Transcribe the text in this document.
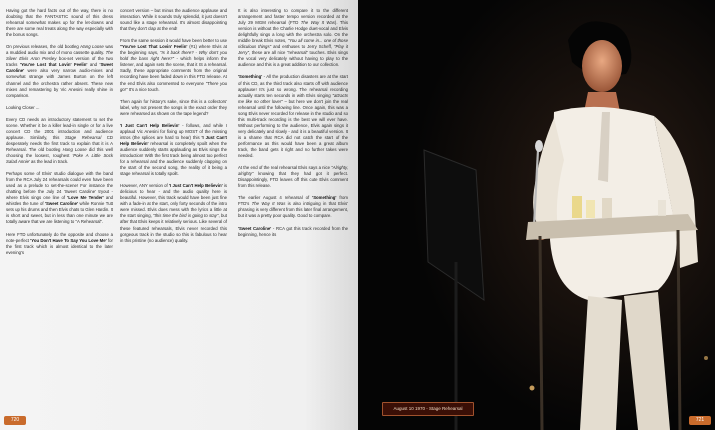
Having got the hard facts out of the way, there is no doubting that the FANTASTIC sound of this dress rehearsal somewhat makes up for the let-downs and there are some real treats along the way especially with the bonus songs.

On previous releases, the old bootleg Hang Loose was a muddied audio mix and of mono cassette quality. The Silver Elvis Aron Presley box-set version of the two tracks 'You've Lost that Lovin' Feelin' and 'Sweet Caroline' were also very narrow audio-mixes and somewhat strange with James Burton on the left channel and the orchestra rather absent. These new mixes and remastering by Vic Anesini really shine in comparison.

Looking Closer ...

Every CD needs an introductory statement to set the scene. Whether it be a killer lead-in single or for a live concert CD the 2001 introduction and audience applause. Similarly, this Stage Rehearsal CD desperately needs the first track to explain that it is A Rehearsal. The old bootleg Hang Loose did this well choosing the loosest, roughest 'Poke A Little Sock Salad Annie' as the lead in track.

Perhaps some of Elvis' studio dialogue with the band from the RCA July 24 rehearsals could even have been used as a prelude to set-the-scene! For instance the chatting before the July 24 'Sweet Caroline' tryout - where Elvis sings one line of 'Love Me Tender' and whistles the tune of 'Sweet Caroline' while Ronnie Tutt sets up his drums and then Elvis chats to Glen Hardin. It is short and sweet, but in less than one minute we are totally aware that we are listening to "A Rehearsal".

Here FTD unfortunately do the opposite and choose a note-perfect 'You Don't Have To Say You Love Me' for the first track which is almost identical to the later evening's

concert version – but minus the audience applause and interaction. While it sounds truly splendid, it just doesn't sound like a stage rehearsal. It's almost disappointing that they don't clap at the end!

From the same session it would have been better to use "You've Lost That Lovin' Feelin' (#1) where Elvis at the beginning says, "Is it back there? - Why don't you hold the bass right here?" - which helps inform the listener, and again sets the scene, that it IS a rehearsal. Sadly, these appropriate comments from the original recording have been faded down in this FTD release. At the end Elvis also commented to everyone "There you go!" It's a nice touch.

Then again for history's sake, since this is a collectors' label, why not present the songs in the exact order they were rehearsed as shown on the tape legend?

'I Just Can't Help Believin' - follows, and while I applaud Vic Anesini for fixing up MOST of the missing intros (the splices are hard to hear) this 'I Just Can't Help Believin' rehearsal is completely spoilt when the audience suddenly starts applauding as Elvis sings the introduction! With the first track being almost too perfect for a rehearsal and the audience suddenly clapping on the start of the second song, the reality of it being a stage rehearsal is totally spoilt.

However, ANY version of 'I Just Can't Help Believin' is delicious to hear - and the audio quality here is beautiful. However, this track would have been just fine with a fade-in at the start, only forty seconds of the intro were missed. Elvis does mess with the lyrics a little at the start singing, "this time the bird is going to stay", but after that Elvis keeps it relatively serious. Like several of these featured rehearsals, Elvis never recorded this gorgeous track in the studio so this is fabulous to hear in this pristine (no audience) quality.

It is also interesting to compare it to the different arrangement and faster tempo version recorded at the July 29 MGM rehearsal (FTD The Way It Was). This version is without the Charlie Hodge duet-vocal and Elvis delightfully sings a long with the orchestra solo. On the middle break Elvis notes, "You all come in... one of those ridiculous things" and enthuses to Jerry Scheff, "Play it Jerry", these are all nice "rehearsal" touches. Elvis sings the vocal very delicately without having to play to the audience and this is a great addition to our collection.

'Something' - All the production disasters are at the start of this CD, as the third track also starts off with audience applause! It's just so wrong. The rehearsal recording actually starts ten seconds in with Elvis singing "attracts me like no other lover" – but here we don't join the real rehearsal until the following line. Once again, this was a song Elvis never recorded for release in the studio and so this multi-track recording is the best we will ever have. Without performing to the audience, Elvis again sings it very delicately and slowly - and it is a beautiful version. It is a shame that RCA did not catch the start of the performance as this would have been a great album track, the band gets it right and no further takes were needed.

At the end of the real rehearsal Elvis says a nice "Alrighty, alrighty" knowing that they had got it perfect. Disappointingly, FTD leaves off this cute Elvis comment from this release.

The earlier August 4 rehearsal of 'Something' from FTD's The Way It Was is also intriguing in that Elvis' phrasing is very different from this later final arrangement, but it was a pretty poor quality. Good to compare.

'Sweet Caroline' - RCA got this track recorded from the beginning, hence its

720
August 10 1970 - Stage Rehearsal
721
